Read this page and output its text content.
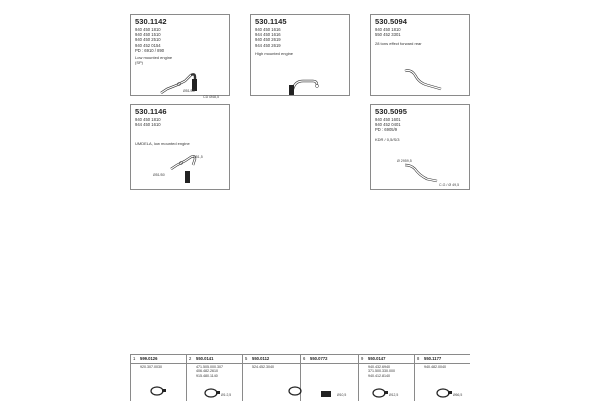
530.1142
940 450 1810
940 450 1510
940 450 2510
940 452 0154
PD : 6910 / 890
Low mounted engine
(SP)
Ø51/50
CD Ø48,5
530.1145
940 450 1616
944 450 1616
940 450 2619
944 450 2619
High mounted engine
530.5094
940 450 1810
550 452 3301
28 tons effect forward rear
530.1146
940 450 1810
944 450 1610
UMDELA, low mounted engine
Ø51/50
Ø51,5
530.5095
940 450 1601
940 452 0401
PD : 6905/9
KDR / 0,5/S/3
Ø 2959,5
C.G / Ø 49,5
1 599.0126
920.307.0030
2 550.0141
471.505.000.307
406.482.2610
915.480.1140
Ø1:2,5
5 550.0112
524.452.3040
6 550.0772
Ø10,5
9 550.0147
940.432.6940
371.500.330.000
940.412.8140
Ø12,5
8 550.1177
940.482.0040
Ø66,5
